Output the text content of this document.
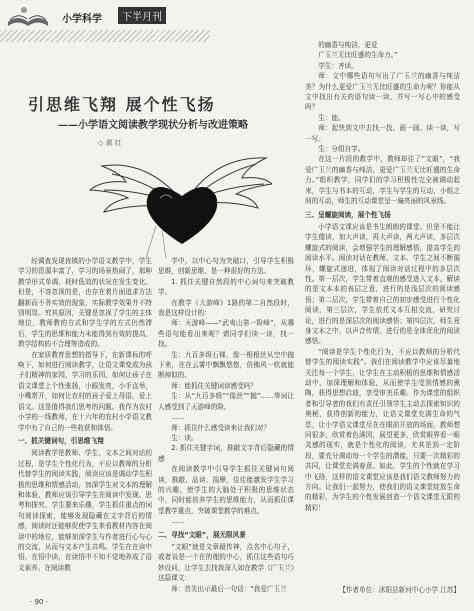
小学科学	下半月刊
引思维飞翔 展个性飞扬
——小学语文阅读教学现状分析与改进策略
◇ 黄 红

经调查发现我镇的小学语文教学中，学生学习的资源丰富了，学习的场景热闹了，那种教学形式单调、耗时低效的状况在发生变化。但是，不容忽视的是，也存在着片面追求方法翻新而不务实效的现象，实际教学效果并不特别明显。究其原因，关键是忽视了学生的主体地位，教师教的方式和学生学的方式仍然滞后，学生的思维和能力未能得到有效的提高，教学结构的不合理等造成的。

在家质教育思想的指导下，在新课标的呼唤下，如何进行阅读教学，让语文课变成为孩子们精神的家园，学习的乐园，如何让孩子在语文课堂上个性张扬，小眼发亮，小手直举，小嘴常开，如何让农村的孩子爱上母语，爱上语文。这是值得我们思考的问题。我作为农村小学的一线教师，在十六年的农村小学语文教学中有了自己的一些收获和体悟。

一、抓关键词句，引思维飞翔

阅读教学是教师、学生、文本之间对话的过程，是学生个性化行为，不应以教师的分析代替学生的阅读实践，阅读应该是调动学生积极的思维和情感活动，加深学生对文本的理解和体验，教师应该引导学生在阅读中发现、思考和探究，学生要来乐趣，学生抓住重点的词句阅读探索，能够发现隐藏在文字背后的情感，阅读时还能够促使学生来看教材内容在阅读中的地位，能够加深学生与作者进行心与心的交流，从而与文本产生共鸣。学生在在读中悟，在悟中读，在读悟中不知不觉地养成了语文素养。在阅读教

学中，以中心句为突破口，引导学生积极思维，创新思维，是一种很好的方法。

1. 抓住关键自然段的中心词句来突破教学。

在教学《大游峰》1路的第二自然段时，我是这样设计的：

师：天游峰——“武夷山第一险峰”，从哪些语句能看出来呢？请同学们读一读，找一找。

生：九百多级石梯，像一根根丝从空中抛下来，在在云雾中飘飘悠悠，仿佛风一吹就能断掉似的。

师：能抓住关键词读感受吗？

生：从“九百多级”“像丝”“抛”……等词让人感受到了天游峰的险。

……

师：抓住什么感受读来让我们对？

生：读。

2. 抓住关键字词，推敲文字背后隐藏的情感

在阅读教学中引导学生抓住关键词句阅读，推敲、品读、揣摩，往往能激发学生学习的兴趣，使学生的大脑处于积极的思维状态中，同时能培养学生的思维能力，从而抓住课堂教学重点，突破课堂教学的难点。

……

二、寻找“文眼”，展无限风景

“文眼”就是文章最传神，点名中心句子，或者说是一个在的理的中心，抓住这些语句巧妙设问，让学生去找我深入如在教学《广玉兰》这篇课文：

师：首先出示最后一句话：“我爱广玉兰

的幽香与纯洁，更爱

广玉兰无比旺盛的生命力。”

学生：齐读。

师：文中哪些语句写出了广玉兰的幽香与纯洁美？为什么更爱广玉兰无比旺盛的生命力呢？你能从文中找出有关的语句读一读，并写一写心中的感受吗？

生：能。

师：起快到文中去找一找、画一画、读一读，写一写。

生：分组自学。

在这一片段的教学中，教师却往了“文眼”，“我爱广玉兰的幽香与纯洁，更爱广玉兰无比旺盛的生命力。”组织教学，同学们的学习积极性完全被调动起来，学生与书本的互动，学生与学生的互动，小组之间的互动，师生的互动课堂呈一遍亮丽的风景线。

三、呈螺旋阅读，展个性飞扬

小学语文课应该是书生朗朗的课堂。但是不能让学生傻读，加大声读，再大声读，两大声读，多层次螺旋式的阅读，会增强学生的理解感悟，提高学生的阅读水平。阅读对话在教师、文本、学生之间不断循环，螺旋式递进，体现了阅读对话过程中的多层次性。第一层次，学生带着直观的感受进入文本，解读的是文本本的表层之意，进行的是浅层次的阅读感悟；第二层次，学生带着自己的初步感受进行个性化阅读，第三层次，学生依托文本互相交流，研究讨论，进行的是深层次的阅读感悟；第四层次，师生竟身文本之中，以声音传情，进行的是全体优化的阅读感悟。

“阅读是学生个性化行为，不应以教师的分析代替学生的阅读实践”。我们在阅读教学中应该尽量地关注每一个学生，让学生在主动积极的思维和情感活动中，加深理解和体验，从而使学生受到情感的熏陶，获得思想启迪，享受审美乐趣。作为课堂的组织者和引导者的我们有责任引领学生主动去探索知识的奥秘，获得创新的能力，让语文课堂充满生命的气息，让小学语文课堂尽在在眼前开放的场面，教师想问很多，欣赏着色满园，展望更多，欣赏眼界看一眼灵感的现实，就是个性化的阅读，尤其是到一定阶段，要充分调动每一个学生的潜能，只要一次精彩的共同，让课堂充满春意。如此，学生的个性就在学习中飞扬，这样的语文课堂应该是我们语文教师努力的方向。让我们一起努力，使我们的语文课堂绽放生命的精彩，为学生的个性发展创造一个语文课堂无限的精彩！

【作者单位：沭阳县新河中心小学 江苏】
· 90 ·
